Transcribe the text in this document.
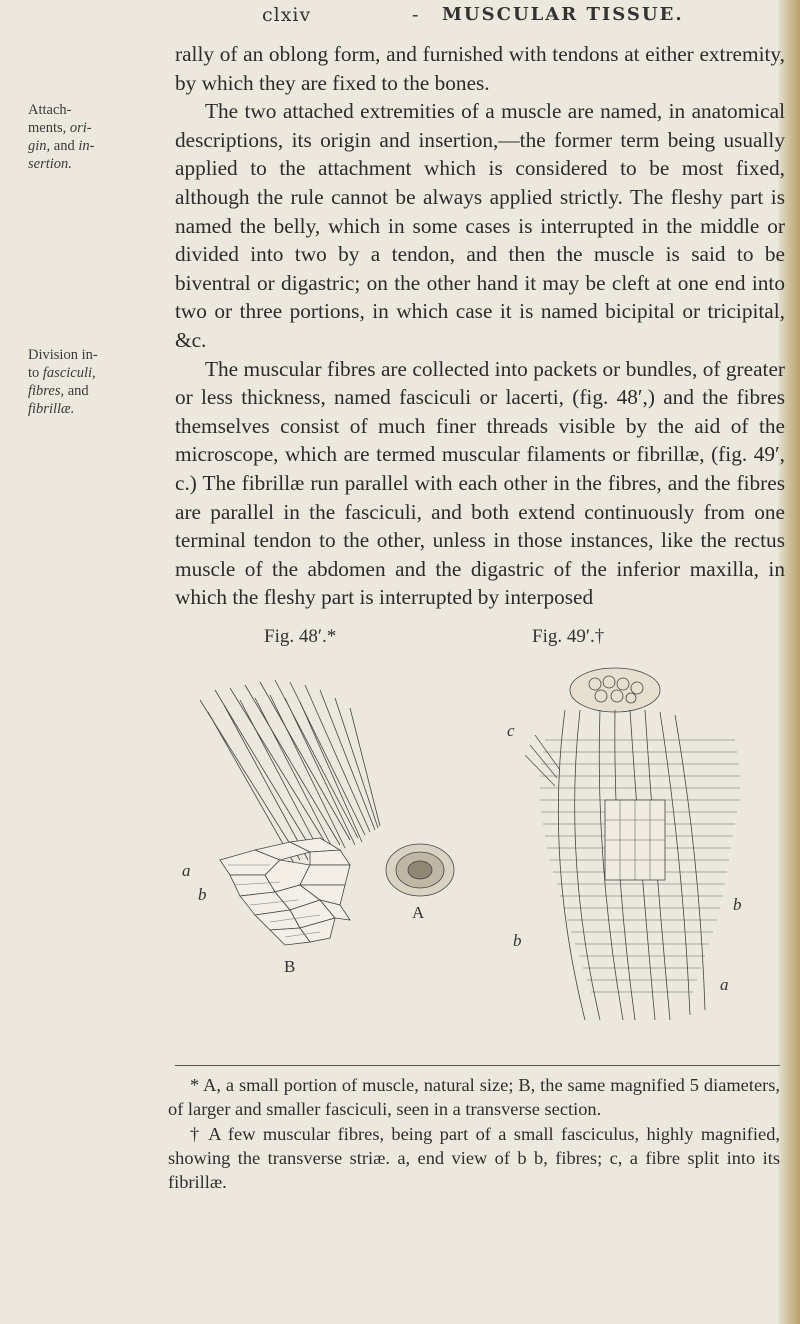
clxiv	- MUSCULAR TISSUE.
Attach-
ments, ori-
gin, and in-
sertion.
Division in-
to fasciculi,
fibres, and
fibrillæ.

rally of an oblong form, and furnished with tendons at either extremity, by which they are fixed to the bones.

The two attached extremities of a muscle are named, in anatomical descriptions, its origin and insertion,—the former term being usually applied to the attachment which is considered to be most fixed, although the rule cannot be always applied strictly. The fleshy part is named the belly, which in some cases is interrupted in the middle or divided into two by a tendon, and then the muscle is said to be biventral or digastric; on the other hand it may be cleft at one end into two or three portions, in which case it is named bicipital or tricipital, &c.

The muscular fibres are collected into packets or bundles, of greater or less thickness, named fasciculi or lacerti, (fig. 48′,) and the fibres themselves consist of much finer threads visible by the aid of the microscope, which are termed muscular filaments or fibrillæ, (fig. 49′, c.) The fibrillæ run parallel with each other in the fibres, and the fibres are parallel in the fasciculi, and both extend continuously from one terminal tendon to the other, unless in those instances, like the rectus muscle of the abdomen and the digastric of the inferior maxilla, in which the fleshy part is interrupted by interposed

Fig. 48′.*	Fig. 49′.†
a
b
A
B
c
b
b
a

* A, a small portion of muscle, natural size; B, the same magnified 5 diameters, of larger and smaller fasciculi, seen in a transverse section.

† A few muscular fibres, being part of a small fasciculus, highly magnified, showing the transverse striæ. a, end view of b b, fibres; c, a fibre split into its fibrillæ.
